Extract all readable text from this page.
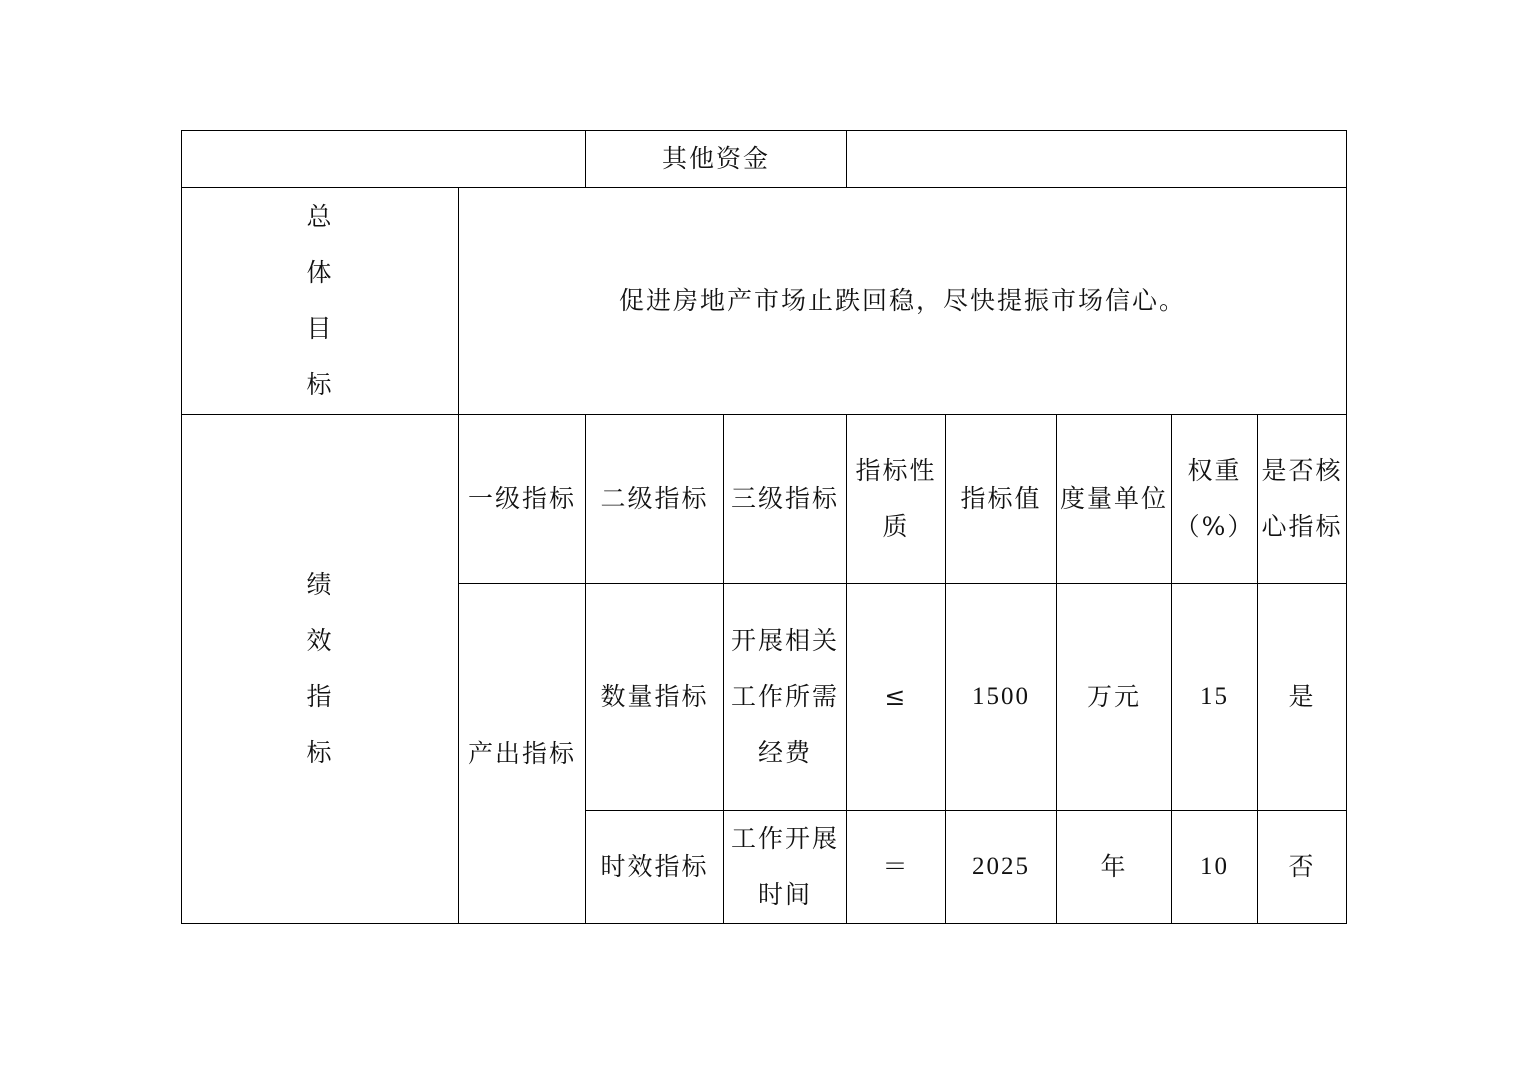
		其他资金						
总体目标	促进房地产市场止跌回稳，尽快提振市场信心。							
绩效指标	一级指标	二级指标	三级指标	指标性质	指标值	度量单位	权重（%）	是否核心指标
	产出指标	数量指标	开展相关工作所需经费	≤	1500	万元	15	是
		时效指标	工作开展时间	＝	2025	年	10	否
